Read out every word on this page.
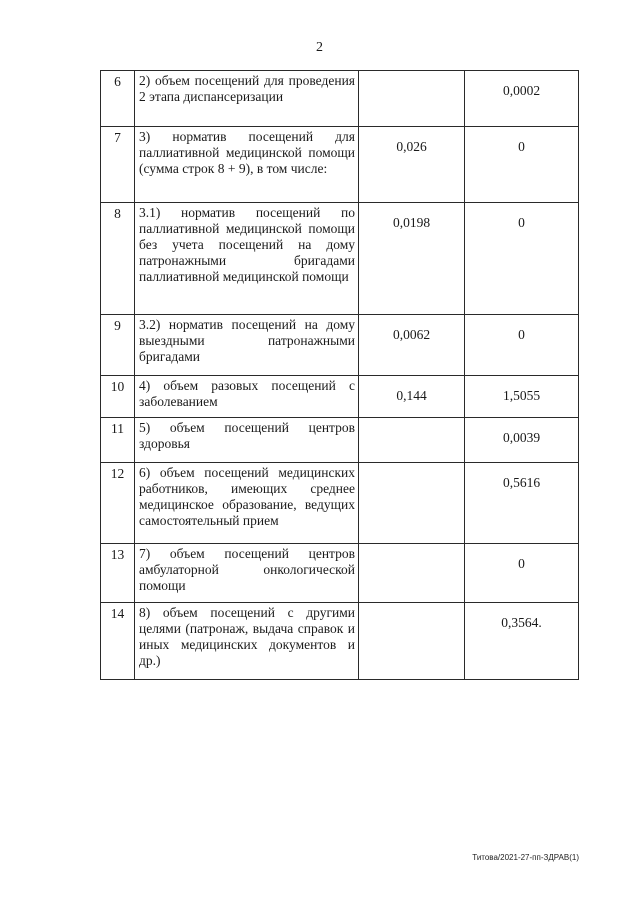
2
6	2) объем посещений для проведения 2 этапа диспансеризации		0,0002
7	3) норматив посещений для паллиативной медицинской помощи (сумма строк 8 + 9), в том числе:	0,026	0
8	3.1) норматив посещений по паллиативной медицинской помощи без учета посещений на дому патронажными бригадами паллиативной медицинской помощи	0,0198	0
9	3.2) норматив посещений на дому выездными патронажными бригадами	0,0062	0
10	4) объем разовых посещений с заболеванием	0,144	1,5055
11	5) объем посещений центров здоровья		0,0039
12	6) объем посещений медицинских работников, имеющих среднее медицинское образование, ведущих самостоятельный прием		0,5616
13	7) объем посещений центров амбулаторной онкологической помощи		0
14	8) объем посещений с другими целями (патронаж, выдача справок и иных медицинских документов и др.)		0,3564.
Титова/2021-27-пп-ЗДРАВ(1)
